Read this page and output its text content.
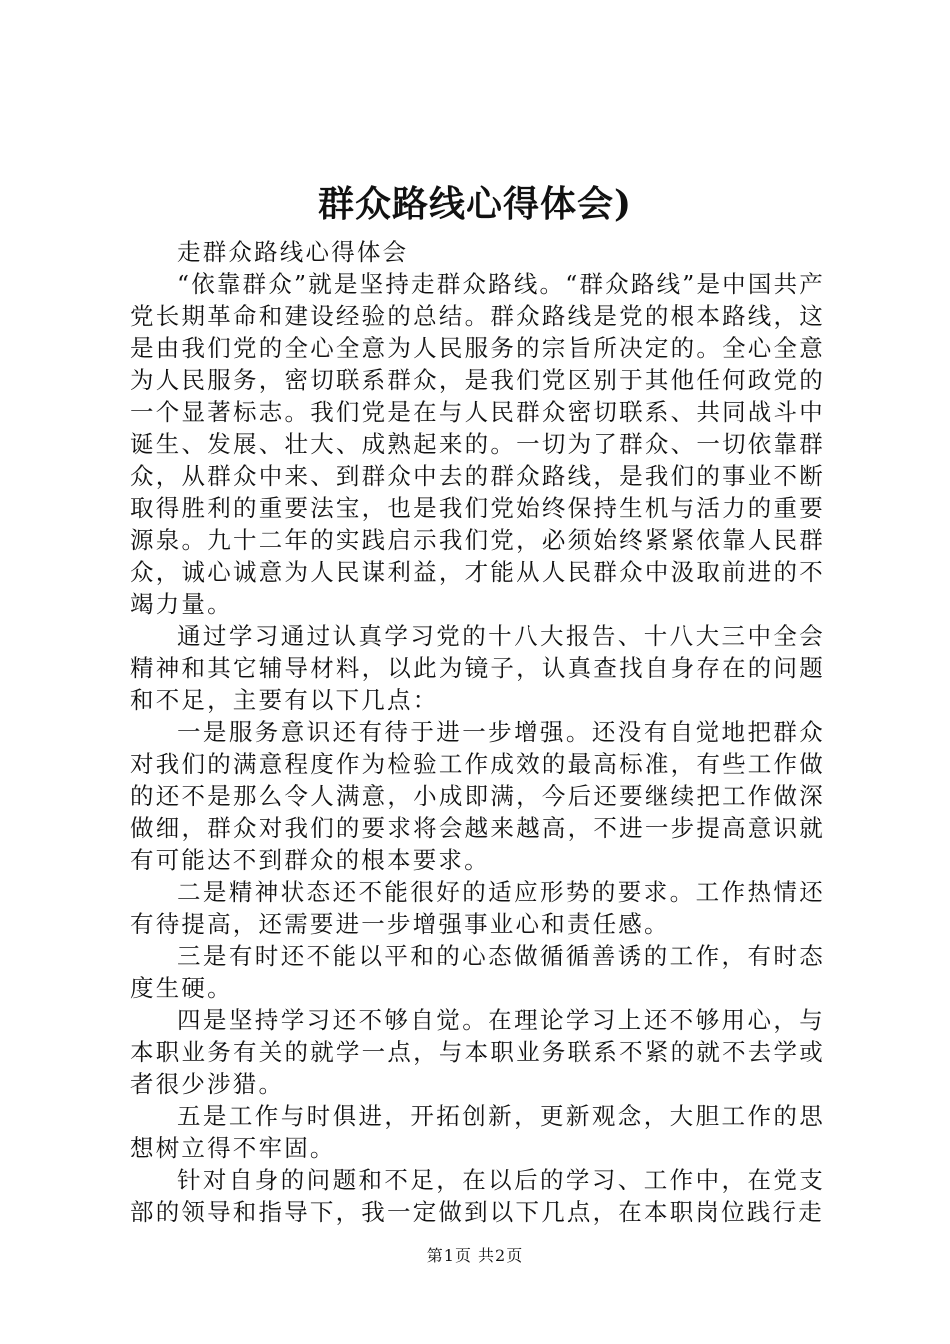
群众路线心得体会)

走群众路线心得体会

“依靠群众”就是坚持走群众路线。“群众路线”是中国共产党长期革命和建设经验的总结。群众路线是党的根本路线，这是由我们党的全心全意为人民服务的宗旨所决定的。全心全意为人民服务，密切联系群众，是我们党区别于其他任何政党的一个显著标志。我们党是在与人民群众密切联系、共同战斗中诞生、发展、壮大、成熟起来的。一切为了群众、一切依靠群众，从群众中来、到群众中去的群众路线，是我们的事业不断取得胜利的重要法宝，也是我们党始终保持生机与活力的重要源泉。九十二年的实践启示我们党，必须始终紧紧依靠人民群众，诚心诚意为人民谋利益，才能从人民群众中汲取前进的不竭力量。

通过学习通过认真学习党的十八大报告、十八大三中全会精神和其它辅导材料，以此为镜子，认真查找自身存在的问题和不足，主要有以下几点：

一是服务意识还有待于进一步增强。还没有自觉地把群众对我们的满意程度作为检验工作成效的最高标准，有些工作做的还不是那么令人满意，小成即满，今后还要继续把工作做深做细，群众对我们的要求将会越来越高，不进一步提高意识就有可能达不到群众的根本要求。

二是精神状态还不能很好的适应形势的要求。工作热情还有待提高，还需要进一步增强事业心和责任感。

三是有时还不能以平和的心态做循循善诱的工作，有时态度生硬。

四是坚持学习还不够自觉。在理论学习上还不够用心，与本职业务有关的就学一点，与本职业务联系不紧的就不去学或者很少涉猎。

五是工作与时俱进，开拓创新，更新观念，大胆工作的思想树立得不牢固。

针对自身的问题和不足，在以后的学习、工作中，在党支部的领导和指导下，我一定做到以下几点，在本职岗位践行走

第1页 共2页
